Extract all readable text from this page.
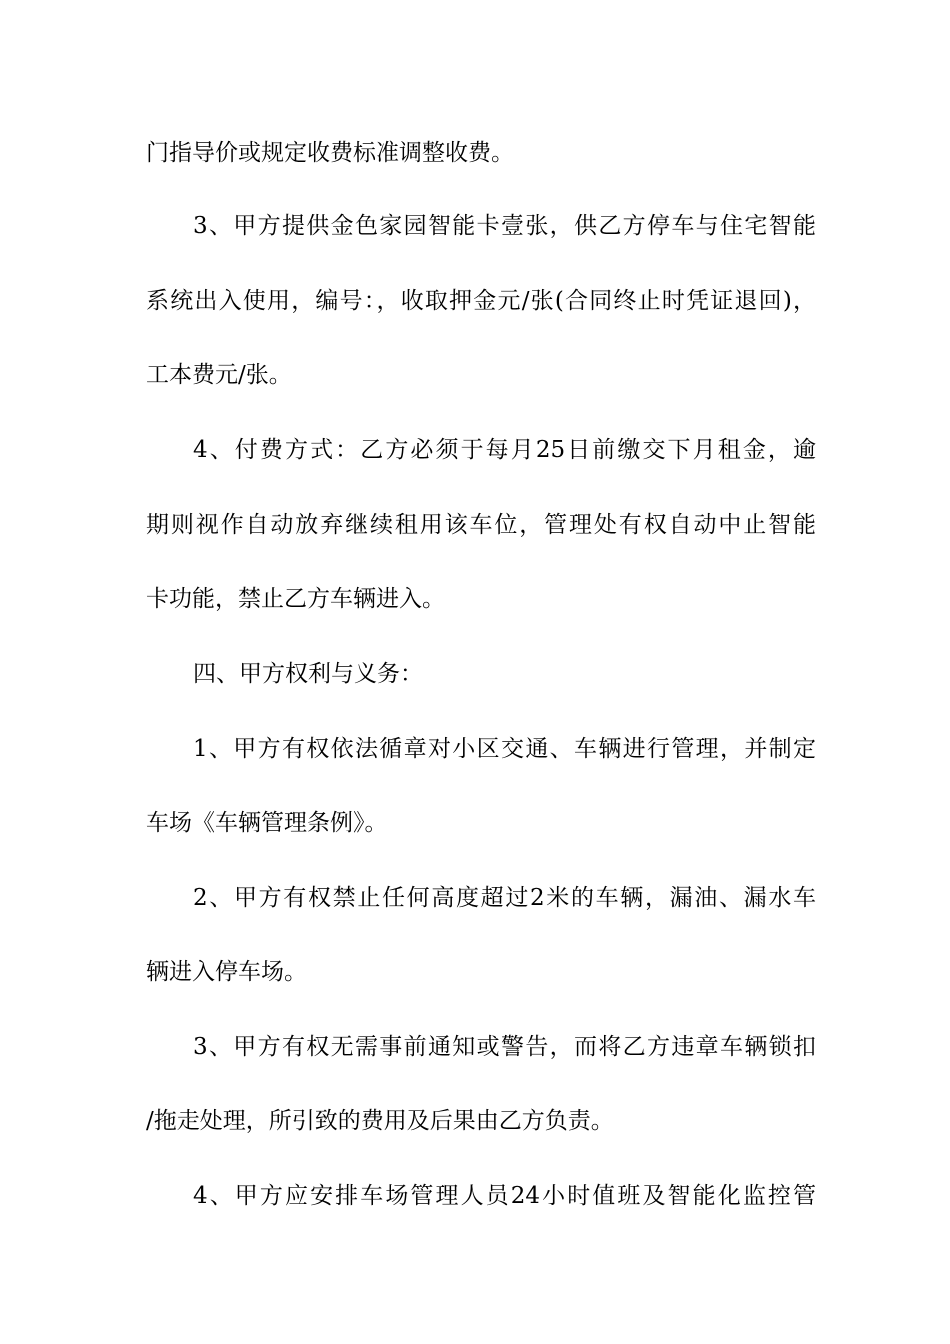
门指导价或规定收费标准调整收费。
3、甲方提供金色家园智能卡壹张，供乙方停车与住宅智能
系统出入使用，编号：，收取押金元/张(合同终止时凭证退回)，
工本费元/张。
4、付费方式：乙方必须于每月25日前缴交下月租金，逾
期则视作自动放弃继续租用该车位，管理处有权自动中止智能
卡功能，禁止乙方车辆进入。
四、甲方权利与义务：
1、甲方有权依法循章对小区交通、车辆进行管理，并制定
车场《车辆管理条例》。
2、甲方有权禁止任何高度超过2米的车辆，漏油、漏水车
辆进入停车场。
3、甲方有权无需事前通知或警告，而将乙方违章车辆锁扣
/拖走处理，所引致的费用及后果由乙方负责。
4、甲方应安排车场管理人员24小时值班及智能化监控管
